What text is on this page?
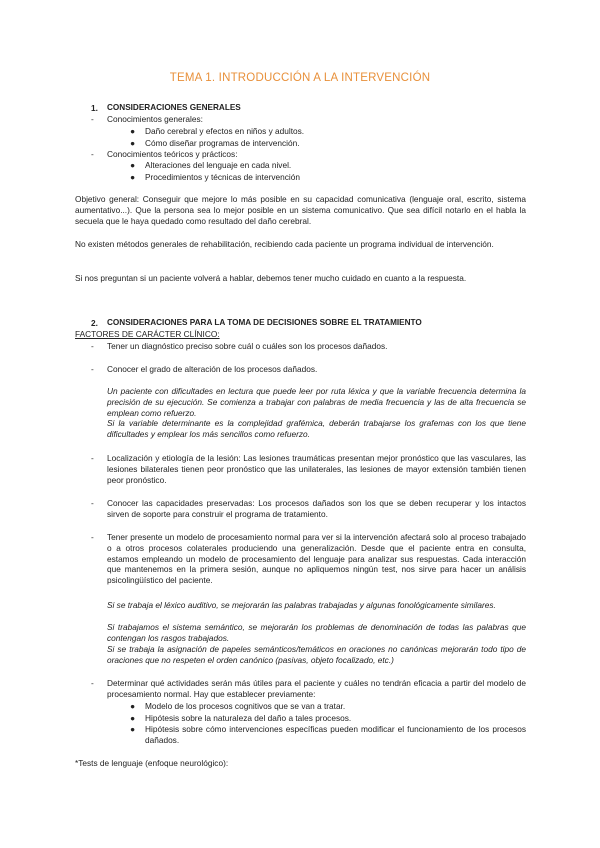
TEMA 1. INTRODUCCIÓN A LA INTERVENCIÓN
1. CONSIDERACIONES GENERALES
- Conocimientos generales:
● Daño cerebral y efectos en niños y adultos.
● Cómo diseñar programas de intervención.
- Conocimientos teóricos y prácticos:
● Alteraciones del lenguaje en cada nivel.
● Procedimientos y técnicas de intervención

Objetivo general: Conseguir que mejore lo más posible en su capacidad comunicativa (lenguaje oral, escrito, sistema aumentativo...). Que la persona sea lo mejor posible en un sistema comunicativo. Que sea difícil notarlo en el habla la secuela que le haya quedado como resultado del daño cerebral.

No existen métodos generales de rehabilitación, recibiendo cada paciente un programa individual de intervención.

Si nos preguntan si un paciente volverá a hablar, debemos tener mucho cuidado en cuanto a la respuesta.

2. CONSIDERACIONES PARA LA TOMA DE DECISIONES SOBRE EL TRATAMIENTO
FACTORES DE CARÁCTER CLÍNICO:
- Tener un diagnóstico preciso sobre cuál o cuáles son los procesos dañados.
- Conocer el grado de alteración de los procesos dañados.

Un paciente con dificultades en lectura que puede leer por ruta léxica y que la variable frecuencia determina la precisión de su ejecución. Se comienza a trabajar con palabras de media frecuencia y las de alta frecuencia se emplean como refuerzo.

Si la variable determinante es la complejidad grafémica, deberán trabajarse los grafemas con los que tiene dificultades y emplear los más sencillos como refuerzo.

- Localización y etiología de la lesión: Las lesiones traumáticas presentan mejor pronóstico que las vasculares, las lesiones bilaterales tienen peor pronóstico que las unilaterales, las lesiones de mayor extensión también tienen peor pronóstico.

- Conocer las capacidades preservadas: Los procesos dañados son los que se deben recuperar y los intactos sirven de soporte para construir el programa de tratamiento.

- Tener presente un modelo de procesamiento normal para ver si la intervención afectará solo al proceso trabajado o a otros procesos colaterales produciendo una generalización. Desde que el paciente entra en consulta, estamos empleando un modelo de procesamiento del lenguaje para analizar sus respuestas. Cada interacción que mantenemos en la primera sesión, aunque no apliquemos ningún test, nos sirve para hacer un análisis psicolingüístico del paciente.

Si se trabaja el léxico auditivo, se mejorarán las palabras trabajadas y algunas fonológicamente similares.

Si trabajamos el sistema semántico, se mejorarán los problemas de denominación de todas las palabras que contengan los rasgos trabajados.

Si se trabaja la asignación de papeles semánticos/temáticos en oraciones no canónicas mejorarán todo tipo de oraciones que no respeten el orden canónico (pasivas, objeto focalizado, etc.)

- Determinar qué actividades serán más útiles para el paciente y cuáles no tendrán eficacia a partir del modelo de procesamiento normal. Hay que establecer previamente:

● Modelo de los procesos cognitivos que se van a tratar.
● Hipótesis sobre la naturaleza del daño a tales procesos.
● Hipótesis sobre cómo intervenciones específicas pueden modificar el funcionamiento de los procesos dañados.

*Tests de lenguaje (enfoque neurológico):
